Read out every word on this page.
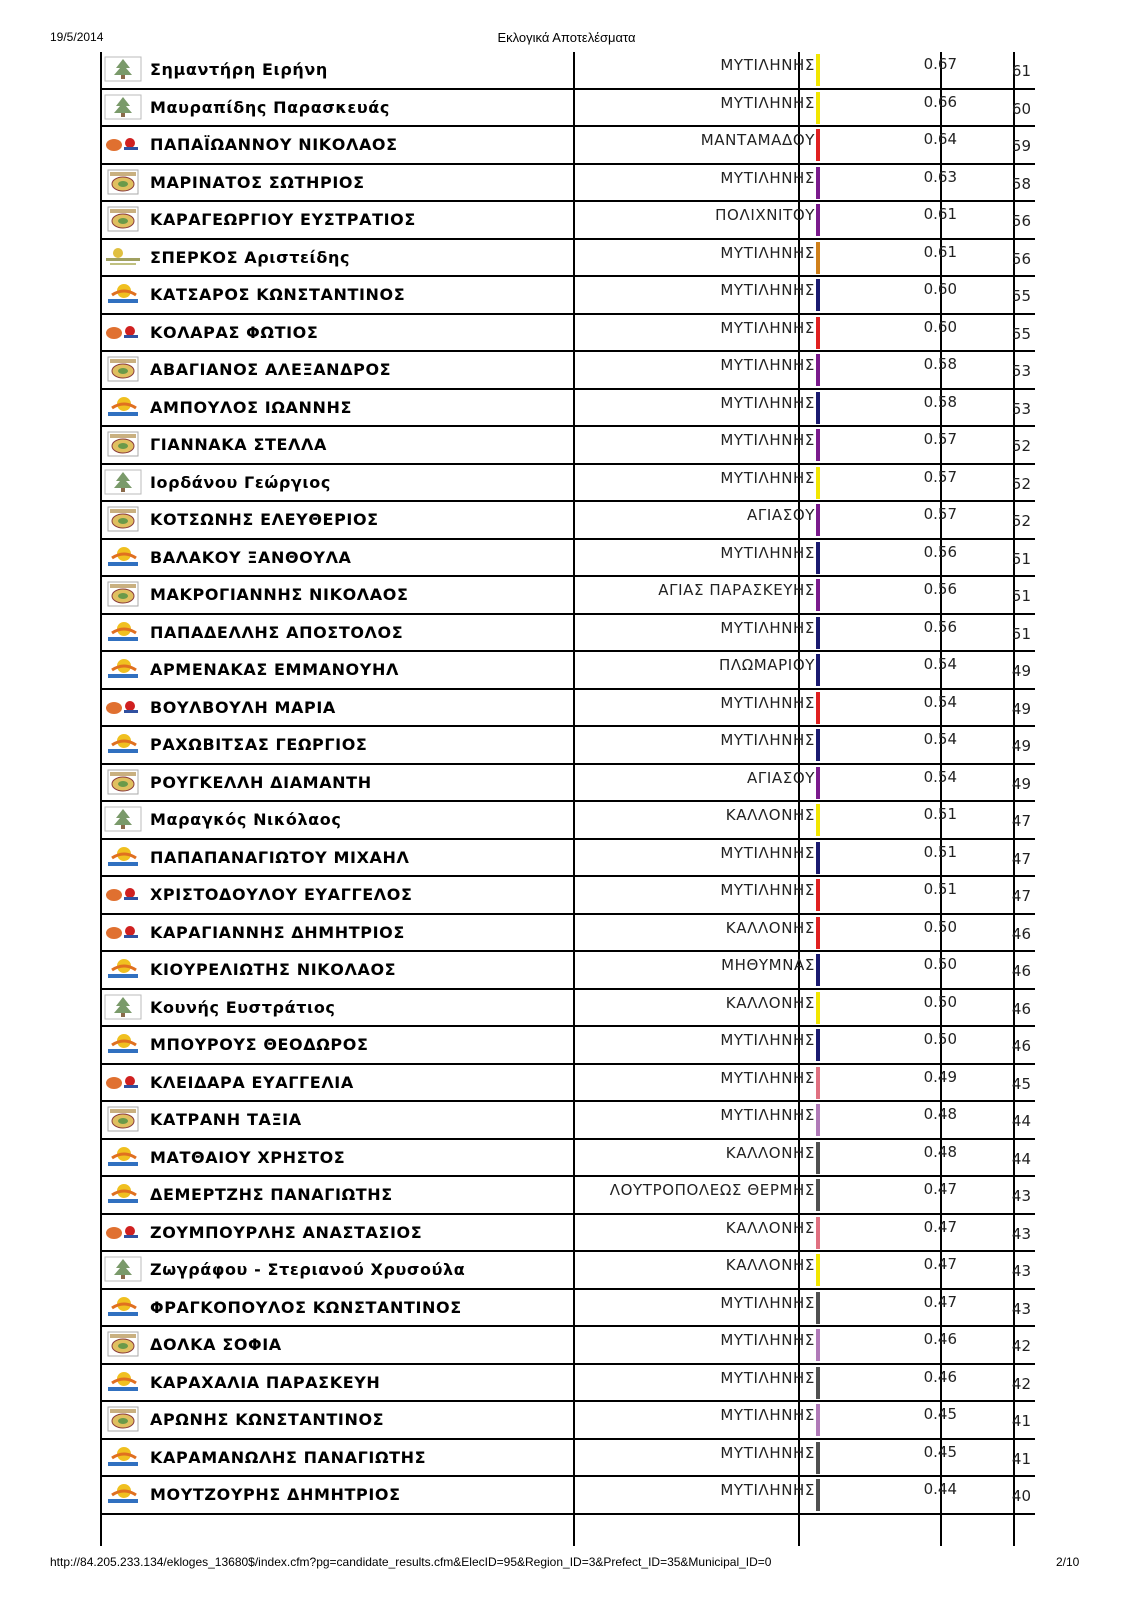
19/5/2014	Εκλογικά Αποτελέσματα
Σημαντήρη Ειρήνη	ΜΥΤΙΛΗΝΗΣ	0.67	61
Μαυραπίδης Παρασκευάς	ΜΥΤΙΛΗΝΗΣ	0.66	60
ΠΑΠΑΪΩΑΝΝΟΥ ΝΙΚΟΛΑΟΣ	ΜΑΝΤΑΜΑΔΟΥ	0.64	59
ΜΑΡΙΝΑΤΟΣ ΣΩΤΗΡΙΟΣ	ΜΥΤΙΛΗΝΗΣ	0.63	58
ΚΑΡΑΓΕΩΡΓΙΟΥ ΕΥΣΤΡΑΤΙΟΣ	ΠΟΛΙΧΝΙΤΟΥ	0.61	56
ΣΠΕΡΚΟΣ Αριστείδης	ΜΥΤΙΛΗΝΗΣ	0.61	56
ΚΑΤΣΑΡΟΣ ΚΩΝΣΤΑΝΤΙΝΟΣ	ΜΥΤΙΛΗΝΗΣ	0.60	55
ΚΟΛΑΡΑΣ ΦΩΤΙΟΣ	ΜΥΤΙΛΗΝΗΣ	0.60	55
ΑΒΑΓΙΑΝΟΣ ΑΛΕΞΑΝΔΡΟΣ	ΜΥΤΙΛΗΝΗΣ	0.58	53
ΑΜΠΟΥΛΟΣ ΙΩΑΝΝΗΣ	ΜΥΤΙΛΗΝΗΣ	0.58	53
ΓΙΑΝΝΑΚΑ ΣΤΕΛΛΑ	ΜΥΤΙΛΗΝΗΣ	0.57	52
Ιορδάνου Γεώργιος	ΜΥΤΙΛΗΝΗΣ	0.57	52
ΚΟΤΣΩΝΗΣ ΕΛΕΥΘΕΡΙΟΣ	ΑΓΙΑΣΟΥ	0.57	52
ΒΑΛΑΚΟΥ ΞΑΝΘΟΥΛΑ	ΜΥΤΙΛΗΝΗΣ	0.56	51
ΜΑΚΡΟΓΙΑΝΝΗΣ ΝΙΚΟΛΑΟΣ	ΑΓΙΑΣ ΠΑΡΑΣΚΕΥΗΣ	0.56	51
ΠΑΠΑΔΕΛΛΗΣ ΑΠΟΣΤΟΛΟΣ	ΜΥΤΙΛΗΝΗΣ	0.56	51
ΑΡΜΕΝΑΚΑΣ ΕΜΜΑΝΟΥΗΛ	ΠΛΩΜΑΡΙΟΥ	0.54	49
ΒΟΥΛΒΟΥΛΗ ΜΑΡΙΑ	ΜΥΤΙΛΗΝΗΣ	0.54	49
ΡΑΧΩΒΙΤΣΑΣ ΓΕΩΡΓΙΟΣ	ΜΥΤΙΛΗΝΗΣ	0.54	49
ΡΟΥΓΚΕΛΛΗ ΔΙΑΜΑΝΤΗ	ΑΓΙΑΣΟΥ	0.54	49
Μαραγκός Νικόλαος	ΚΑΛΛΟΝΗΣ	0.51	47
ΠΑΠΑΠΑΝΑΓΙΩΤΟΥ ΜΙΧΑΗΛ	ΜΥΤΙΛΗΝΗΣ	0.51	47
ΧΡΙΣΤΟΔΟΥΛΟΥ ΕΥΑΓΓΕΛΟΣ	ΜΥΤΙΛΗΝΗΣ	0.51	47
ΚΑΡΑΓΙΑΝΝΗΣ ΔΗΜΗΤΡΙΟΣ	ΚΑΛΛΟΝΗΣ	0.50	46
ΚΙΟΥΡΕΛΙΩΤΗΣ ΝΙΚΟΛΑΟΣ	ΜΗΘΥΜΝΑΣ	0.50	46
Κουνής Ευστράτιος	ΚΑΛΛΟΝΗΣ	0.50	46
ΜΠΟΥΡΟΥΣ ΘΕΟΔΩΡΟΣ	ΜΥΤΙΛΗΝΗΣ	0.50	46
ΚΛΕΙΔΑΡΑ ΕΥΑΓΓΕΛΙΑ	ΜΥΤΙΛΗΝΗΣ	0.49	45
ΚΑΤΡΑΝΗ ΤΑΞΙΑ	ΜΥΤΙΛΗΝΗΣ	0.48	44
ΜΑΤΘΑΙΟΥ ΧΡΗΣΤΟΣ	ΚΑΛΛΟΝΗΣ	0.48	44
ΔΕΜΕΡΤΖΗΣ ΠΑΝΑΓΙΩΤΗΣ	ΛΟΥΤΡΟΠΟΛΕΩΣ ΘΕΡΜΗΣ	0.47	43
ΖΟΥΜΠΟΥΡΛΗΣ ΑΝΑΣΤΑΣΙΟΣ	ΚΑΛΛΟΝΗΣ	0.47	43
Ζωγράφου - Στεριανού Χρυσούλα	ΚΑΛΛΟΝΗΣ	0.47	43
ΦΡΑΓΚΟΠΟΥΛΟΣ ΚΩΝΣΤΑΝΤΙΝΟΣ	ΜΥΤΙΛΗΝΗΣ	0.47	43
ΔΟΛΚΑ ΣΟΦΙΑ	ΜΥΤΙΛΗΝΗΣ	0.46	42
ΚΑΡΑΧΑΛΙΑ ΠΑΡΑΣΚΕΥΗ	ΜΥΤΙΛΗΝΗΣ	0.46	42
ΑΡΩΝΗΣ ΚΩΝΣΤΑΝΤΙΝΟΣ	ΜΥΤΙΛΗΝΗΣ	0.45	41
ΚΑΡΑΜΑΝΩΛΗΣ ΠΑΝΑΓΙΩΤΗΣ	ΜΥΤΙΛΗΝΗΣ	0.45	41
ΜΟΥΤΖΟΥΡΗΣ ΔΗΜΗΤΡΙΟΣ	ΜΥΤΙΛΗΝΗΣ	0.44	40
http://84.205.233.134/ekloges_13680$/index.cfm?pg=candidate_results.cfm&ElecID=95&Region_ID=3&Prefect_ID=35&Municipal_ID=0	2/10
